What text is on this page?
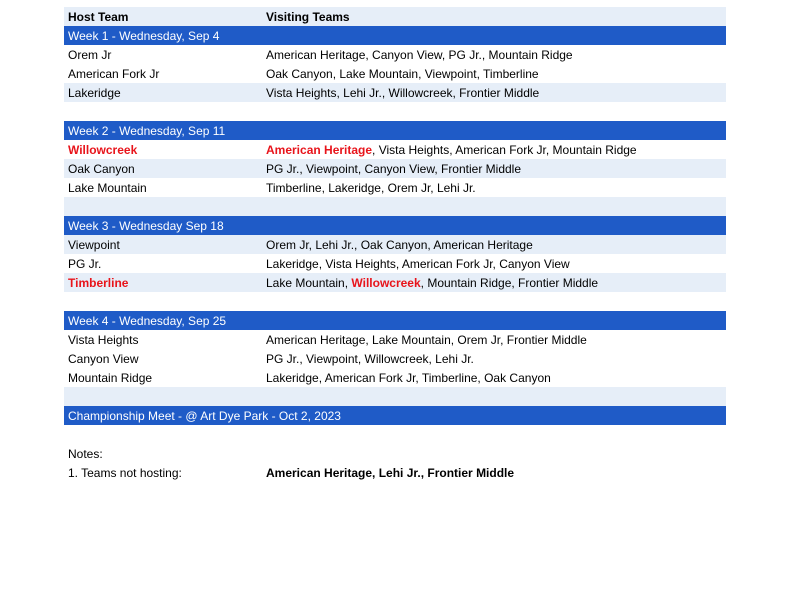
Host Team	Visiting Teams
Week 1 - Wednesday, Sep 4
Orem Jr	American Heritage, Canyon View, PG Jr., Mountain Ridge
American Fork Jr	Oak Canyon, Lake Mountain, Viewpoint, Timberline
Lakeridge	Vista Heights, Lehi Jr., Willowcreek, Frontier Middle
Week 2 - Wednesday, Sep 11
Willowcreek	American Heritage, Vista Heights, American Fork Jr, Mountain Ridge
Oak Canyon	PG Jr., Viewpoint, Canyon View, Frontier Middle
Lake Mountain	Timberline, Lakeridge, Orem Jr, Lehi Jr.
Week 3 - Wednesday Sep 18
Viewpoint	Orem Jr, Lehi Jr., Oak Canyon, American Heritage
PG Jr.	Lakeridge, Vista Heights, American Fork Jr, Canyon View
Timberline	Lake Mountain, Willowcreek, Mountain Ridge, Frontier Middle
Week 4 - Wednesday, Sep 25
Vista Heights	American Heritage, Lake Mountain, Orem Jr, Frontier Middle
Canyon View	PG Jr., Viewpoint, Willowcreek, Lehi Jr.
Mountain Ridge	Lakeridge, American Fork Jr, Timberline, Oak Canyon
Championship Meet - @ Art Dye Park - Oct 2, 2023
Notes:
1. Teams not hosting:	American Heritage, Lehi Jr., Frontier Middle
